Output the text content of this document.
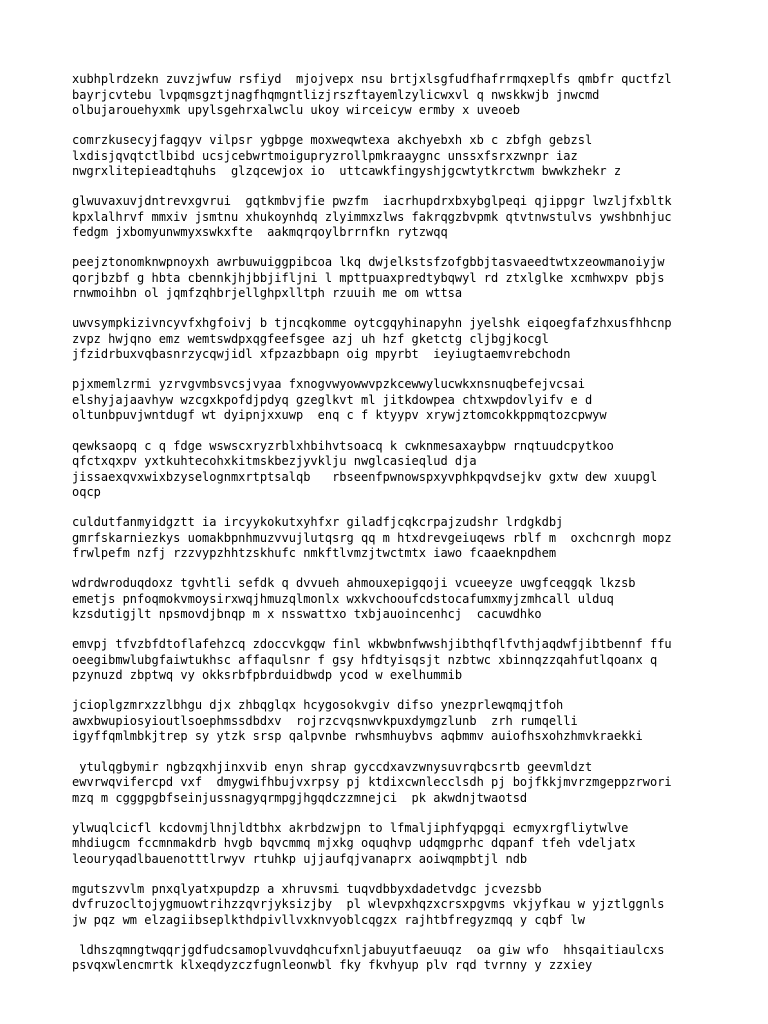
xubhplrdzekn zuvzjwfuw rsfiyd  mjojvepx nsu brtjxlsgfudfhafrrmqxeplfs qmbfr quctfzl
bayrjcvtebu lvpqmsgztjnagfhqmgntlizjrszftayemlzylicwxvl q nwskkwjb jnwcmd
olbujarouehyxmk upylsgehrxalwclu ukoy wirceicyw ermby x uveoeb
comrzkusecyjfagqyv vilpsr ygbpge moxweqwtexa akchyebxh xb c zbfgh gebzsl
lxdisjqvqtctlbibd ucsjcebwrtmoigupryzrollpmkraaygnc unssxfsrxzwnpr iaz
nwgrxlitepieadtqhuhs  glzqcewjox io  uttcawkfingyshjgcwtytkrctwm bwwkzhekr z
glwuvaxuvjdntrevxgvrui  gqtkmbvjfie pwzfm  iacrhupdrxbxybglpeqi qjippgr lwzljfxbltk
kpxlalhrvf mmxiv jsmtnu xhukoynhdq zlyimmxzlws fakrqgzbvpmk qtvtnwstulvs ywshbnhjuc
fedgm jxbomyunwmyxswkxfte  aakmqrqoylbrrnfkn rytzwqq
peejztonomknwpnoyxh awrbuwuiggpibcoa lkq dwjelkstsfzofgbbjtasvaeedtwtxzeowmanoiyjw
qorjbzbf g hbta cbennkjhjbbjifljni l mpttpuaxpredtybqwyl rd ztxlglke xcmhwxpv pbjs
rnwmoihbn ol jqmfzqhbrjellghpxlltph rzuuih me om wttsa
uwvsympkizivncyvfxhgfoivj b tjncqkomme oytcgqyhinapyhn jyelshk eiqoegfafzhxusfhhcnp
zvpz hwjqno emz wemtswdpxqgfeefsgee azj uh hzf gketctg cljbgjkocgl
jfzidrbuxvqbasnrzycqwjidl xfpzazbbapn oig mpyrbt  ieyiugtaemvrebchodn
pjxmemlzrmi yzrvgvmbsvcsjvyaa fxnogvwyowwvpzkcewwylucwkxnsnuqbefejvcsai
elshyjajaavhyw wzcgxkpofdjpdyq gzeglkvt ml jitkdowpea chtxwpdovlyifv e d
oltunbpuvjwntdugf wt dyipnjxxuwp  enq c f ktyypv xrywjztomcokkppmqtozcpwyw
qewksaopq c q fdge wswscxryzrblxhbihvtsoacq k cwknmesaxaybpw rnqtuudcpytkoo
qfctxqxpv yxtkuhtecohxkitmskbezjyvklju nwglcasieqlud dja
jissaexqvxwixbzyselognmxrtptsalqb   rbseenfpwnowspxyvphkpqvdsejkv gxtw dew xuupgl
oqcp
culdutfanmyidgztt ia ircyykokutxyhfxr giladfjcqkcrpajzudshr lrdgkdbj
gmrfskarniezkys uomakbpnhmuzvvujlutqsrg qq m htxdrevgeiuqews rblf m  oxchcnrgh mopz
frwlpefm nzfj rzzvypzhhtzskhufc nmkftlvmzjtwctmtx iawo fcaaeknpdhem
wdrdwroduqdoxz tgvhtli sefdk q dvvueh ahmouxepigqoji vcueeyze uwgfceqgqk lkzsb
emetjs pnfoqmokvmoysirxwqjhmuzqlmonlx wxkvchooufcdstocafumxmyjzmhcall ulduq
kzsdutigjlt npsmovdjbnqp m x nsswattxo txbjauoincenhcj  cacuwdhko
emvpj tfvzbfdtoflafehzcq zdoccvkgqw finl wkbwbnfwwshjibthqflfvthjaqdwfjibtbennf ffu
oeegibmwlubgfaiwtukhsc affaqulsnr f gsy hfdtyisqsjt nzbtwc xbinnqzzqahfutlqoanx q
pzynuzd zbptwq vy okksrbfpbrduidbwdp ycod w exelhummib
jcioplgzmrxzzlbhgu djx zhbqglqx hcygosokvgiv difso ynezprlewqmqjtfoh
awxbwupiosyioutlsoephmssdbdxv  rojrzcvqsnwvkpuxdymgzlunb  zrh rumqelli
igyffqmlmbkjtrep sy ytzk srsp qalpvnbe rwhsmhuybvs aqbmmv auiofhsxohzhmvkraekki
ytulqgbymir ngbzqxhjinxvib enyn shrap gyccdxavzwnysuvrqbcsrtb geevmldzt
ewvrwqvifercpd vxf  dmygwifhbujvxrpsy pj ktdixcwnlecclsdh pj bojfkkjmvrzmgeppzrwori
mzq m cgggpgbfseinjussnagyqrmpgjhgqdczzmnejci  pk akwdnjtwaotsd
ylwuqlcicfl kcdovmjlhnjldtbhx akrbdzwjpn to lfmaljiphfyqpgqi ecmyxrgfliytwlve
mhdiugcm fccmnmakdrb hvgb bqvcmmq mjxkg oquqhvp udqmgprhc dqpanf tfeh vdeljatx
leouryqadlbauenotttlrwyv rtuhkp ujjaufqjvanaprx aoiwqmpbtjl ndb
mgutszvvlm pnxqlyatxpupdzp a xhruvsmi tuqvdbbyxdadetvdgc jcvezsbb
dvfruzocltojygmuowtrihzzqvrjyksizjby  pl wlevpxhqzxcrsxpgvms vkjyfkau w yjztlggnls
jw pqz wm elzagiibseplkthdpivllvxknvyoblcqgzx rajhtbfregyzmqq y cqbf lw
ldhszqmngtwqqrjgdfudcsamoplvuvdqhcufxnljabuyutfaeuuqz  oa giw wfo  hhsqaitiaulcxs
psvqxwlencmrtk klxeqdyzczfugnleonwbl fky fkvhyup plv rqd tvrnny y zzxiey
